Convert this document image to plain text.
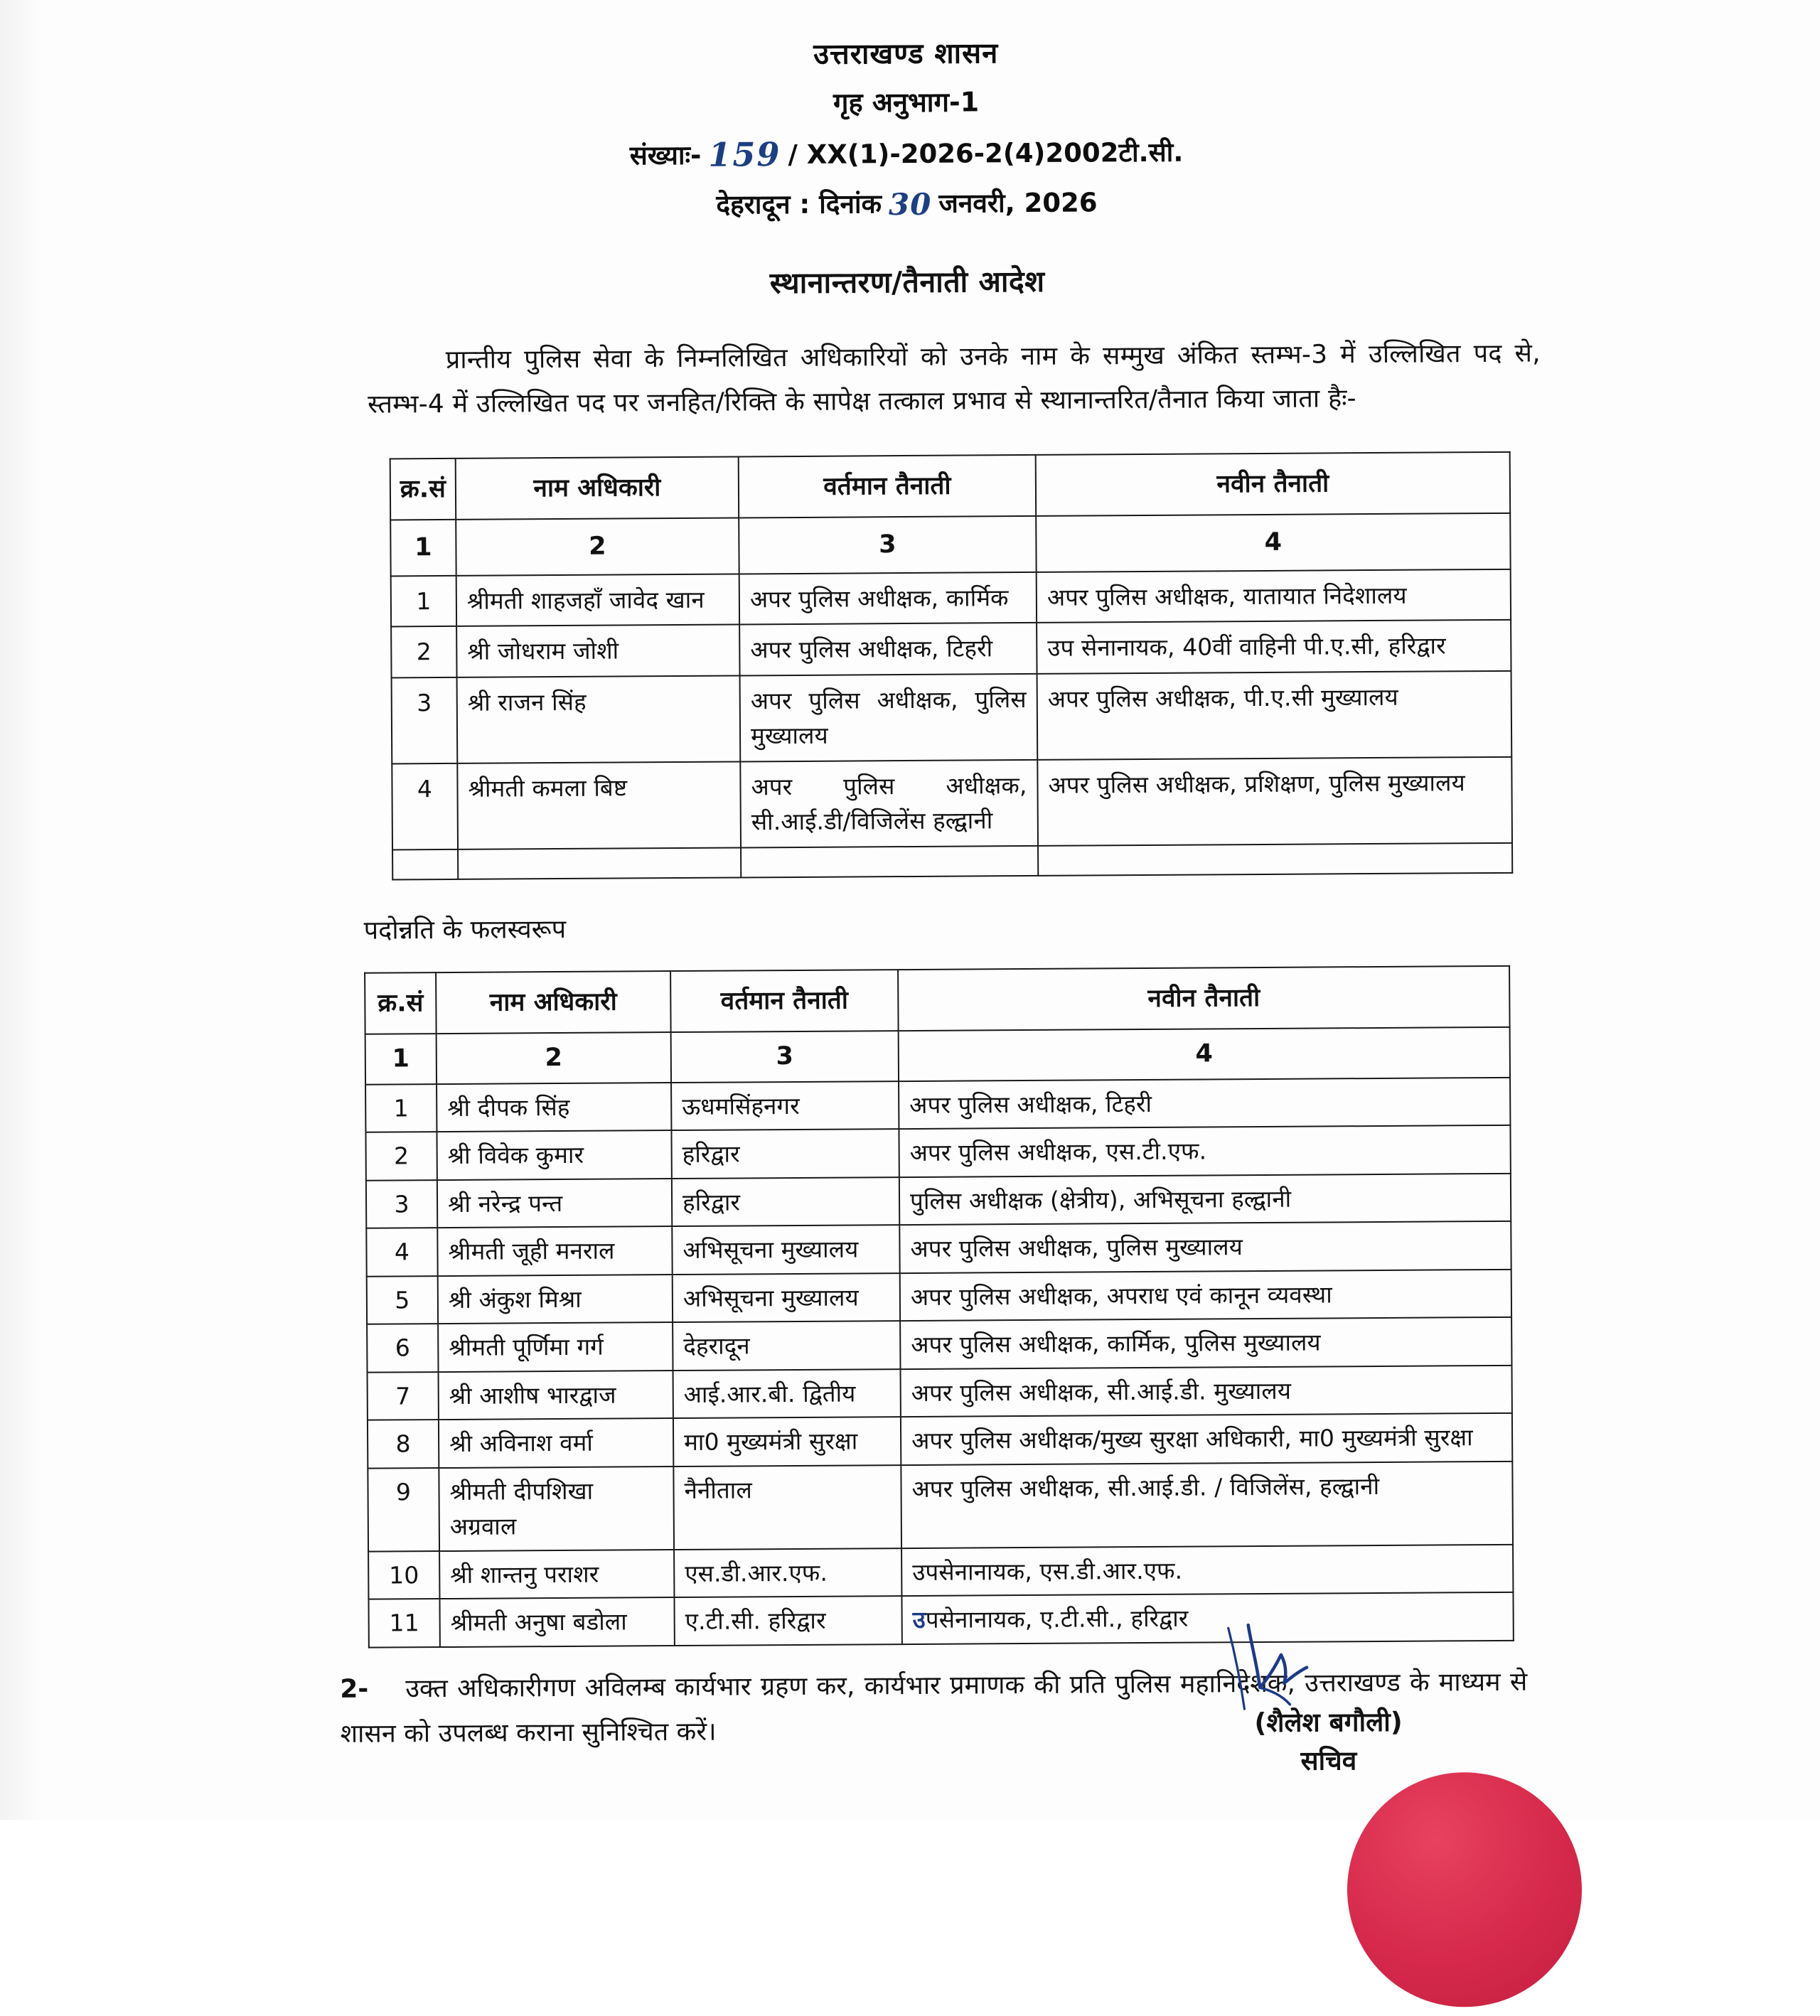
उत्तराखण्ड शासन
गृह अनुभाग-1
संख्याः- 159 / XX(1)-2026-2(4)2002टी.सी.
देहरादून : दिनांक 30 जनवरी, 2026
स्थानान्तरण/तैनाती आदेश
प्रान्तीय पुलिस सेवा के निम्नलिखित अधिकारियों को उनके नाम के सम्मुख अंकित स्तम्भ-3 में उल्लिखित पद से, स्तम्भ-4 में उल्लिखित पद पर जनहित/रिक्ति के सापेक्ष तत्काल प्रभाव से स्थानान्तरित/तैनात किया जाता हैः-
क्र.सं	नाम अधिकारी	वर्तमान तैनाती	नवीन तैनाती
1	2	3	4
1	श्रीमती शाहजहाँ जावेद खान	अपर पुलिस अधीक्षक, कार्मिक	अपर पुलिस अधीक्षक, यातायात निदेशालय
2	श्री जोधराम जोशी	अपर पुलिस अधीक्षक, टिहरी	उप सेनानायक, 40वीं वाहिनी पी.ए.सी, हरिद्वार
3	श्री राजन सिंह	अपर पुलिस अधीक्षक, पुलिस मुख्यालय	अपर पुलिस अधीक्षक, पी.ए.सी मुख्यालय
4	श्रीमती कमला बिष्ट	अपर पुलिस अधीक्षक, सी.आई.डी/विजिलेंस हल्द्वानी	अपर पुलिस अधीक्षक, प्रशिक्षण, पुलिस मुख्यालय

पदोन्नति के फलस्वरूप
क्र.सं	नाम अधिकारी	वर्तमान तैनाती	नवीन तैनाती
1	2	3	4
1	श्री दीपक सिंह	ऊधमसिंहनगर	अपर पुलिस अधीक्षक, टिहरी
2	श्री विवेक कुमार	हरिद्वार	अपर पुलिस अधीक्षक, एस.टी.एफ.
3	श्री नरेन्द्र पन्त	हरिद्वार	पुलिस अधीक्षक (क्षेत्रीय), अभिसूचना हल्द्वानी
4	श्रीमती जूही मनराल	अभिसूचना मुख्यालय	अपर पुलिस अधीक्षक, पुलिस मुख्यालय
5	श्री अंकुश मिश्रा	अभिसूचना मुख्यालय	अपर पुलिस अधीक्षक, अपराध एवं कानून व्यवस्था
6	श्रीमती पूर्णिमा गर्ग	देहरादून	अपर पुलिस अधीक्षक, कार्मिक, पुलिस मुख्यालय
7	श्री आशीष भारद्वाज	आई.आर.बी. द्वितीय	अपर पुलिस अधीक्षक, सी.आई.डी. मुख्यालय
8	श्री अविनाश वर्मा	मा0 मुख्यमंत्री सुरक्षा	अपर पुलिस अधीक्षक/मुख्य सुरक्षा अधिकारी, मा0 मुख्यमंत्री सुरक्षा
9	श्रीमती दीपशिखा अग्रवाल	नैनीताल	अपर पुलिस अधीक्षक, सी.आई.डी. / विजिलेंस, हल्द्वानी
10	श्री शान्तनु पराशर	एस.डी.आर.एफ.	उपसेनानायक, एस.डी.आर.एफ.
11	श्रीमती अनुषा बडोला	ए.टी.सी. हरिद्वार	उपसेनानायक, ए.टी.सी., हरिद्वार
2- उक्त अधिकारीगण अविलम्ब कार्यभार ग्रहण कर, कार्यभार प्रमाणक की प्रति पुलिस महानिदेशक, उत्तराखण्ड के माध्यम से शासन को उपलब्ध कराना सुनिश्चित करें।	(शैलेश बगौली)
सचिव
